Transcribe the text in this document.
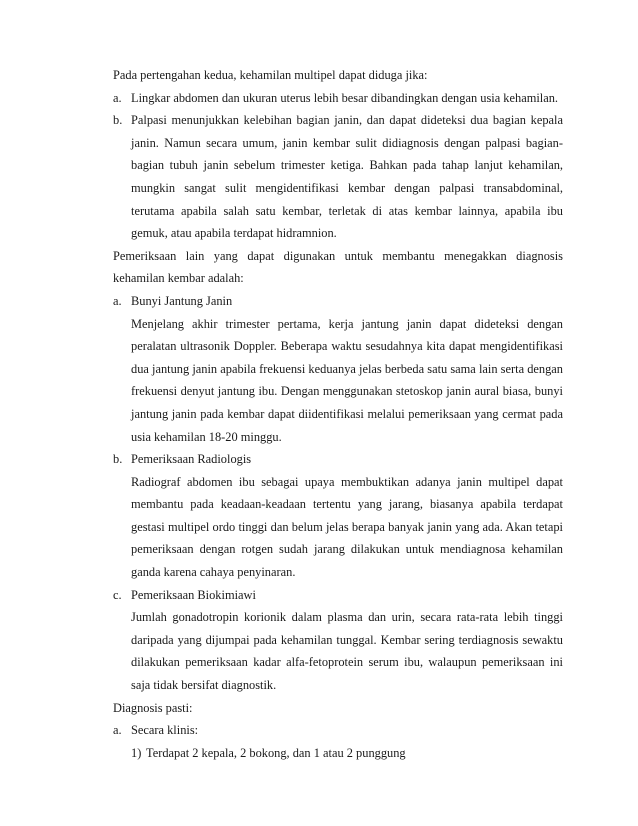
Pada pertengahan kedua, kehamilan multipel dapat diduga jika:

a. Lingkar abdomen dan ukuran uterus lebih besar dibandingkan dengan usia kehamilan.

b. Palpasi menunjukkan kelebihan bagian janin, dan dapat dideteksi dua bagian kepala janin. Namun secara umum, janin kembar sulit didiagnosis dengan palpasi bagian-bagian tubuh janin sebelum trimester ketiga. Bahkan pada tahap lanjut kehamilan, mungkin sangat sulit mengidentifikasi kembar dengan palpasi transabdominal, terutama apabila salah satu kembar, terletak di atas kembar lainnya, apabila ibu gemuk, atau apabila terdapat hidramnion.

Pemeriksaan lain yang dapat digunakan untuk membantu menegakkan diagnosis kehamilan kembar adalah:

a. Bunyi Jantung Janin

Menjelang akhir trimester pertama, kerja jantung janin dapat dideteksi dengan peralatan ultrasonik Doppler. Beberapa waktu sesudahnya kita dapat mengidentifikasi dua jantung janin apabila frekuensi keduanya jelas berbeda satu sama lain serta dengan frekuensi denyut jantung ibu. Dengan menggunakan stetoskop janin aural biasa, bunyi jantung janin pada kembar dapat diidentifikasi melalui pemeriksaan yang cermat pada usia kehamilan 18-20 minggu.

b. Pemeriksaan Radiologis

Radiograf abdomen ibu sebagai upaya membuktikan adanya janin multipel dapat membantu pada keadaan-keadaan tertentu yang jarang, biasanya apabila terdapat gestasi multipel ordo tinggi dan belum jelas berapa banyak janin yang ada. Akan tetapi pemeriksaan dengan rotgen sudah jarang dilakukan untuk mendiagnosa kehamilan ganda karena cahaya penyinaran.

c. Pemeriksaan Biokimiawi

Jumlah gonadotropin korionik dalam plasma dan urin, secara rata-rata lebih tinggi daripada yang dijumpai pada kehamilan tunggal. Kembar sering terdiagnosis sewaktu dilakukan pemeriksaan kadar alfa-fetoprotein serum ibu, walaupun pemeriksaan ini saja tidak bersifat diagnostik.

Diagnosis pasti:

a. Secara klinis:

1) Terdapat 2 kepala, 2 bokong, dan 1 atau 2 punggung
